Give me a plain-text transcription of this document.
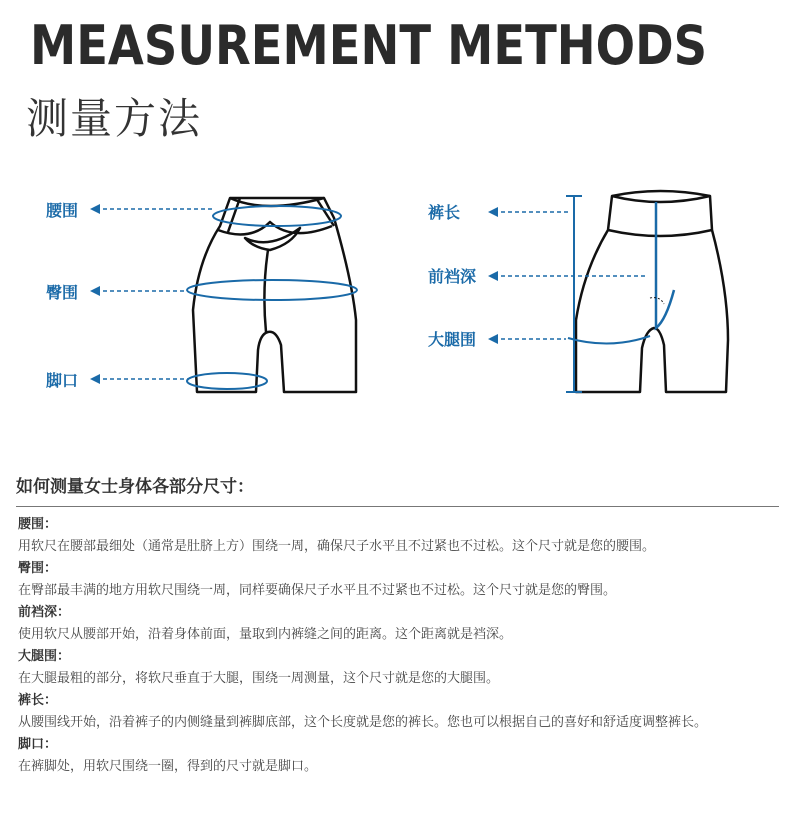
MEASUREMENT METHODS
测量方法
腰围
臀围
脚口
裤长
前裆深
大腿围
如何测量女士身体各部分尺寸：
腰围：
用软尺在腰部最细处（通常是肚脐上方）围绕一周，确保尺子水平且不过紧也不过松。这个尺寸就是您的腰围。
臀围：
在臀部最丰满的地方用软尺围绕一周，同样要确保尺子水平且不过紧也不过松。这个尺寸就是您的臀围。
前裆深：
使用软尺从腰部开始，沿着身体前面，量取到内裤缝之间的距离。这个距离就是裆深。
大腿围：
在大腿最粗的部分，将软尺垂直于大腿，围绕一周测量，这个尺寸就是您的大腿围。
裤长：
从腰围线开始，沿着裤子的内侧缝量到裤脚底部，这个长度就是您的裤长。您也可以根据自己的喜好和舒适度调整裤长。
脚口：
在裤脚处，用软尺围绕一圈，得到的尺寸就是脚口。
